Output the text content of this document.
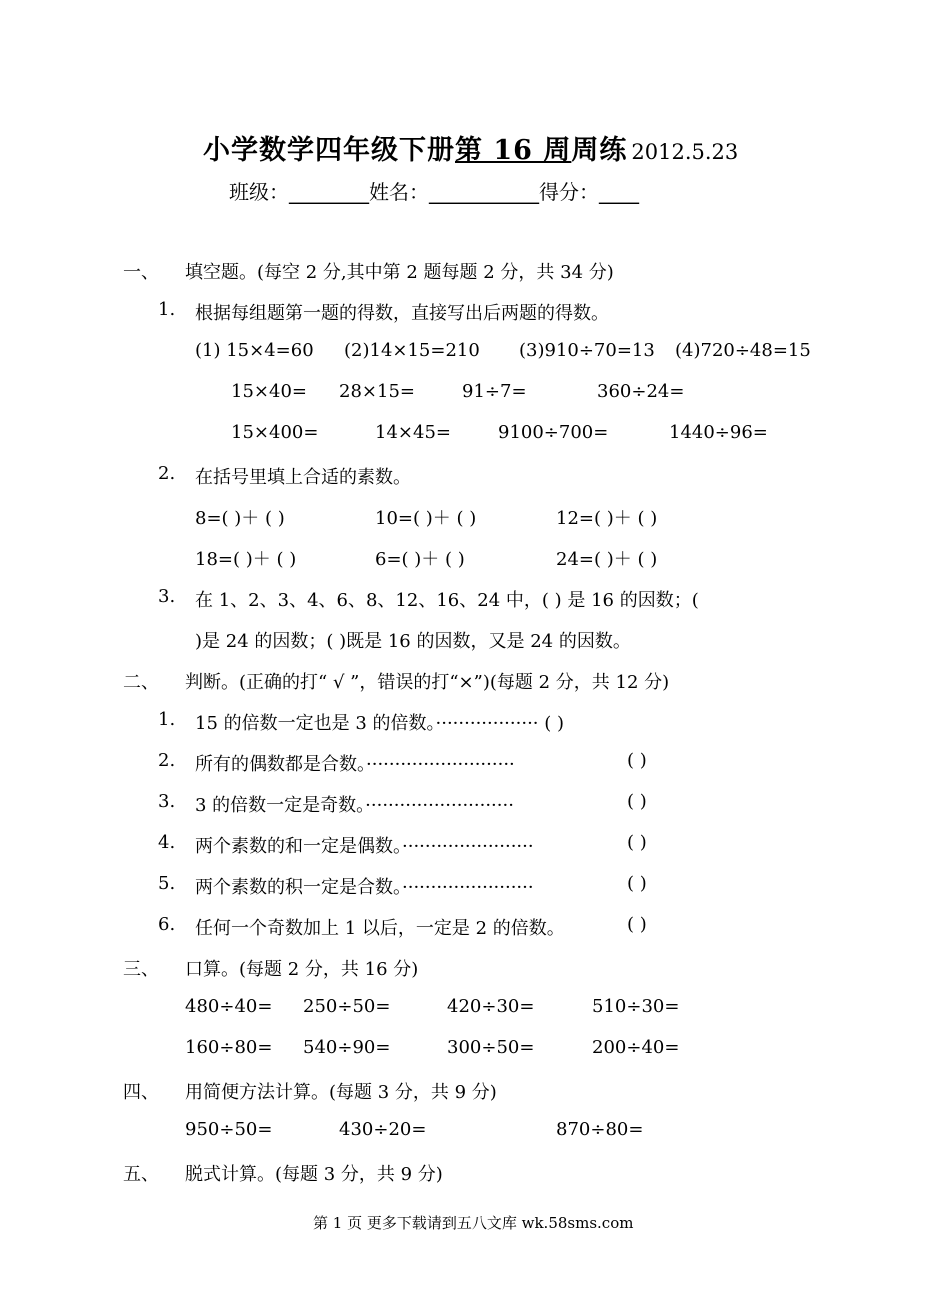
小学数学四年级下册第 16 周周练 2012.5.23
班级：________姓名：___________得分：____
一、 填空题。(每空 2 分,其中第 2 题每题 2 分，共 34 分)
1. 根据每组题第一题的得数，直接写出后两题的得数。
(1) 15×4=60 (2)14×15=210 (3)910÷70=13 (4)720÷48=15
15×40= 28×15=	91÷7=	360÷24=
15×400=	14×45=	9100÷700=	1440÷96=
2. 在括号里填上合适的素数。
8=( )＋ ( )	10=( )＋ ( )	12=( )＋ ( )
18=( )＋ ( )	6=( )＋ ( )	24=( )＋ ( )
3. 在 1、2、3、4、6、8、12、16、24 中，( ) 是 16 的因数；(
)是 24 的因数；( )既是 16 的因数，又是 24 的因数。
二、 判断。(正确的打“ √ ”，错误的打“×”)(每题 2 分，共 12 分)
1. 15 的倍数一定也是 3 的倍数。·················· ( )
2. 所有的偶数都是合数。··························	( )
3. 3 的倍数一定是奇数。··························	( )
4. 两个素数的和一定是偶数。·······················	( )
5. 两个素数的积一定是合数。·······················	( )
6. 任何一个奇数加上 1 以后，一定是 2 的倍数。	( )
三、 口算。(每题 2 分，共 16 分)
480÷40= 250÷50=	420÷30=	510÷30=
160÷80= 540÷90=	300÷50=	200÷40=
四、 用简便方法计算。(每题 3 分，共 9 分)
950÷50=	430÷20=	870÷80=
五、 脱式计算。(每题 3 分，共 9 分)
第 1 页 更多下载请到五八文库 wk.58sms.com
